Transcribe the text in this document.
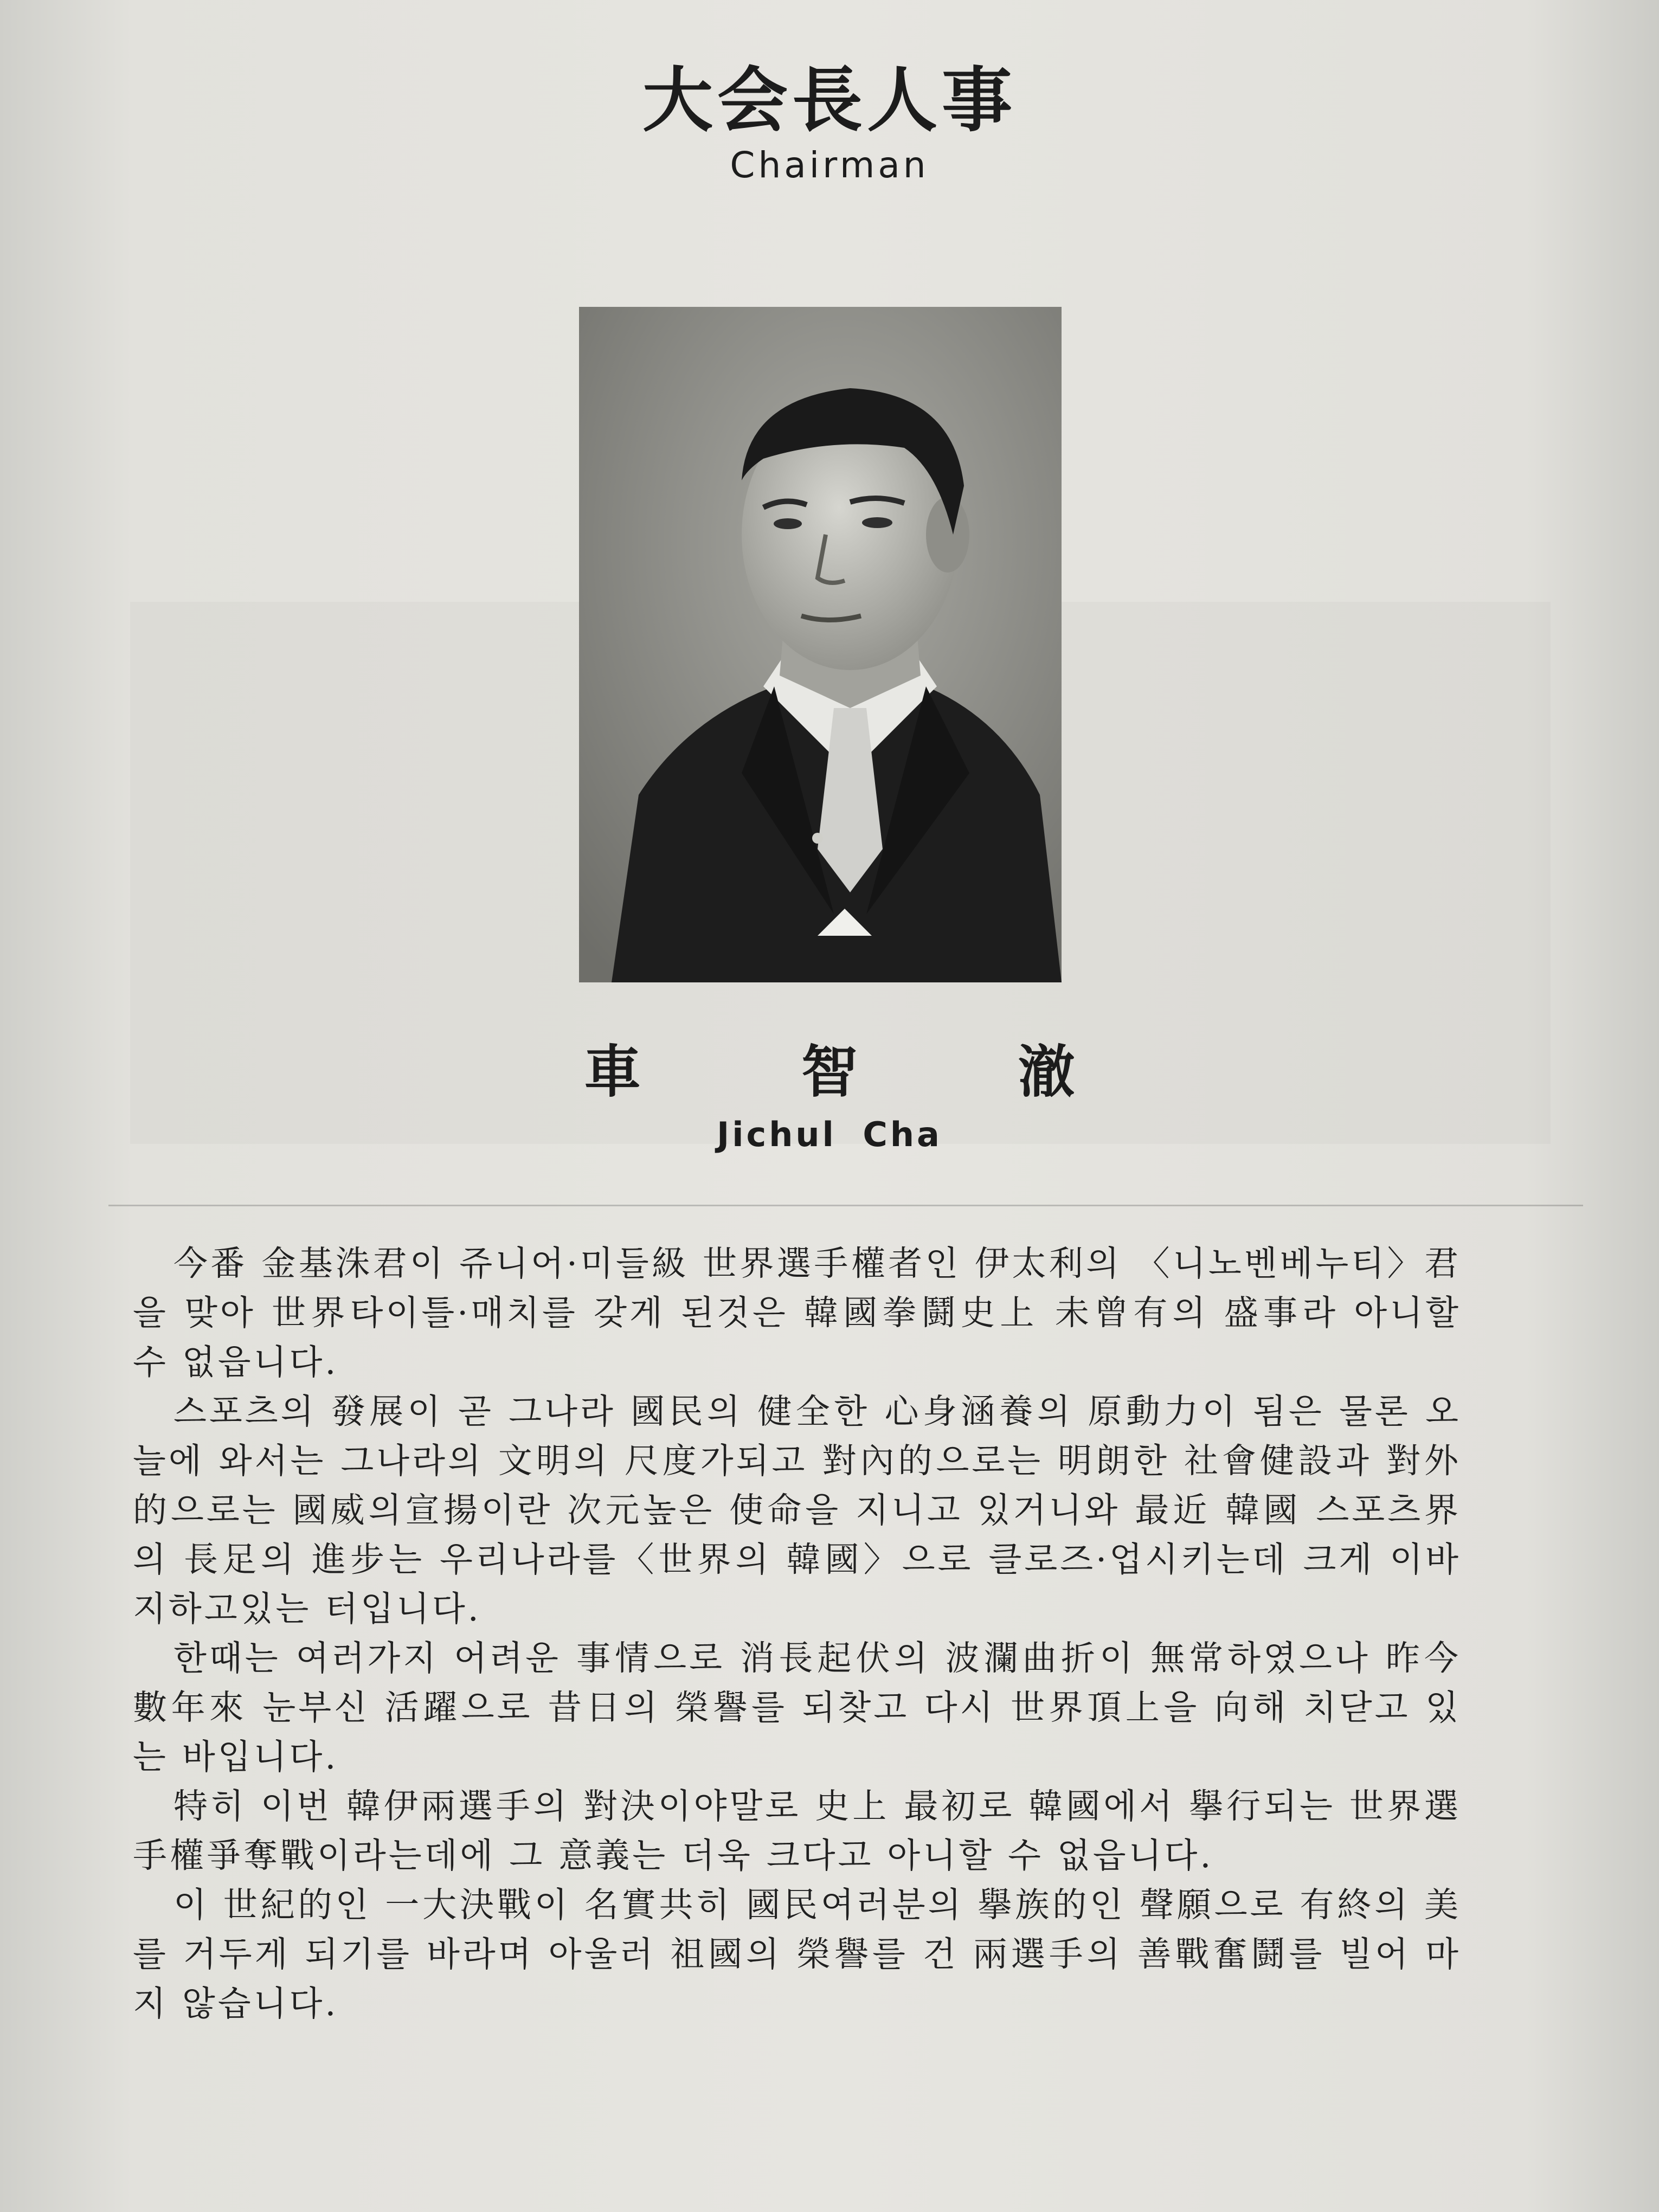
大会長人事
Chairman
車 智 澈
Jichul Cha

今番 金基洙君이 쥬니어·미들級 世界選手權者인 伊太利의 〈니노벤베누티〉君을 맞아 世界타이틀·매치를 갖게 된것은 韓國拳鬪史上 未曾有의 盛事라 아니할 수 없읍니다.

스포츠의 發展이 곧 그나라 國民의 健全한 心身涵養의 原動力이 됨은 물론 오늘에 와서는 그나라의 文明의 尺度가되고 對內的으로는 明朗한 社會健設과 對外的으로는 國威의宣揚이란 次元높은 使命을 지니고 있거니와 最近 韓國 스포츠界의 長足의 進步는 우리나라를〈世界의 韓國〉으로 클로즈·업시키는데 크게 이바지하고있는 터입니다.

한때는 여러가지 어려운 事情으로 消長起伏의 波瀾曲折이 無常하였으나 昨今數年來 눈부신 活躍으로 昔日의 榮譽를 되찾고 다시 世界頂上을 向해 치닫고 있는 바입니다.

特히 이번 韓伊兩選手의 對決이야말로 史上 最初로 韓國에서 擧行되는 世界選手權爭奪戰이라는데에 그 意義는 더욱 크다고 아니할 수 없읍니다.

이 世紀的인 一大決戰이 名實共히 國民여러분의 擧族的인 聲願으로 有終의 美를 거두게 되기를 바라며 아울러 祖國의 榮譽를 건 兩選手의 善戰奮鬪를 빌어 마지 않습니다.
